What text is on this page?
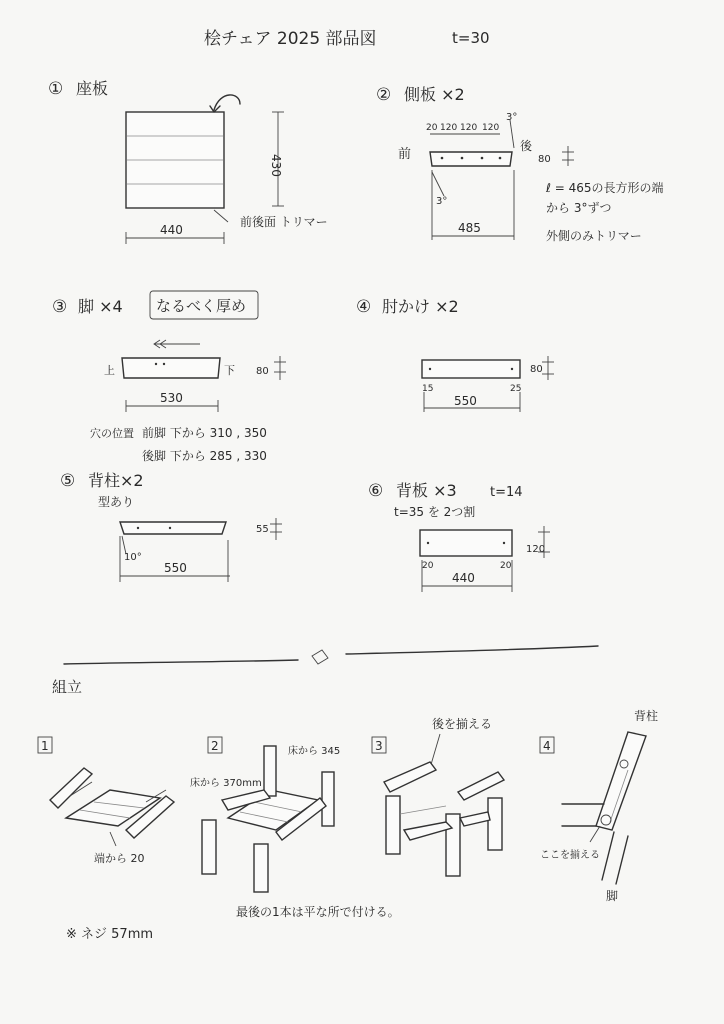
桧チェア 2025 部品図	t=30
① 座板
430
前後面 トリマー
440
② 側板 ×2
20 120 120 120
3°
前
後
80
3°
485
ℓ = 465の長方形の端
から 3°ずつ
外側のみトリマー
③ 脚 ×4 なるべく厚め
上	下 80
530
穴の位置 前脚 下から 310 , 350
後脚 下から 285 , 330
④ 肘かけ ×2
80
15	25
550
⑤ 背柱×2
型あり
55
10°
550
⑥ 背板 ×3	t=14
t=35 を 2つ割
120
20	20
440
組立
1
端から 20
2
床から 370mm
床から 345
最後の1本は平な所で付ける。
3
後を揃える
4
背柱
ここを揃える
脚
※ ネジ 57mm
